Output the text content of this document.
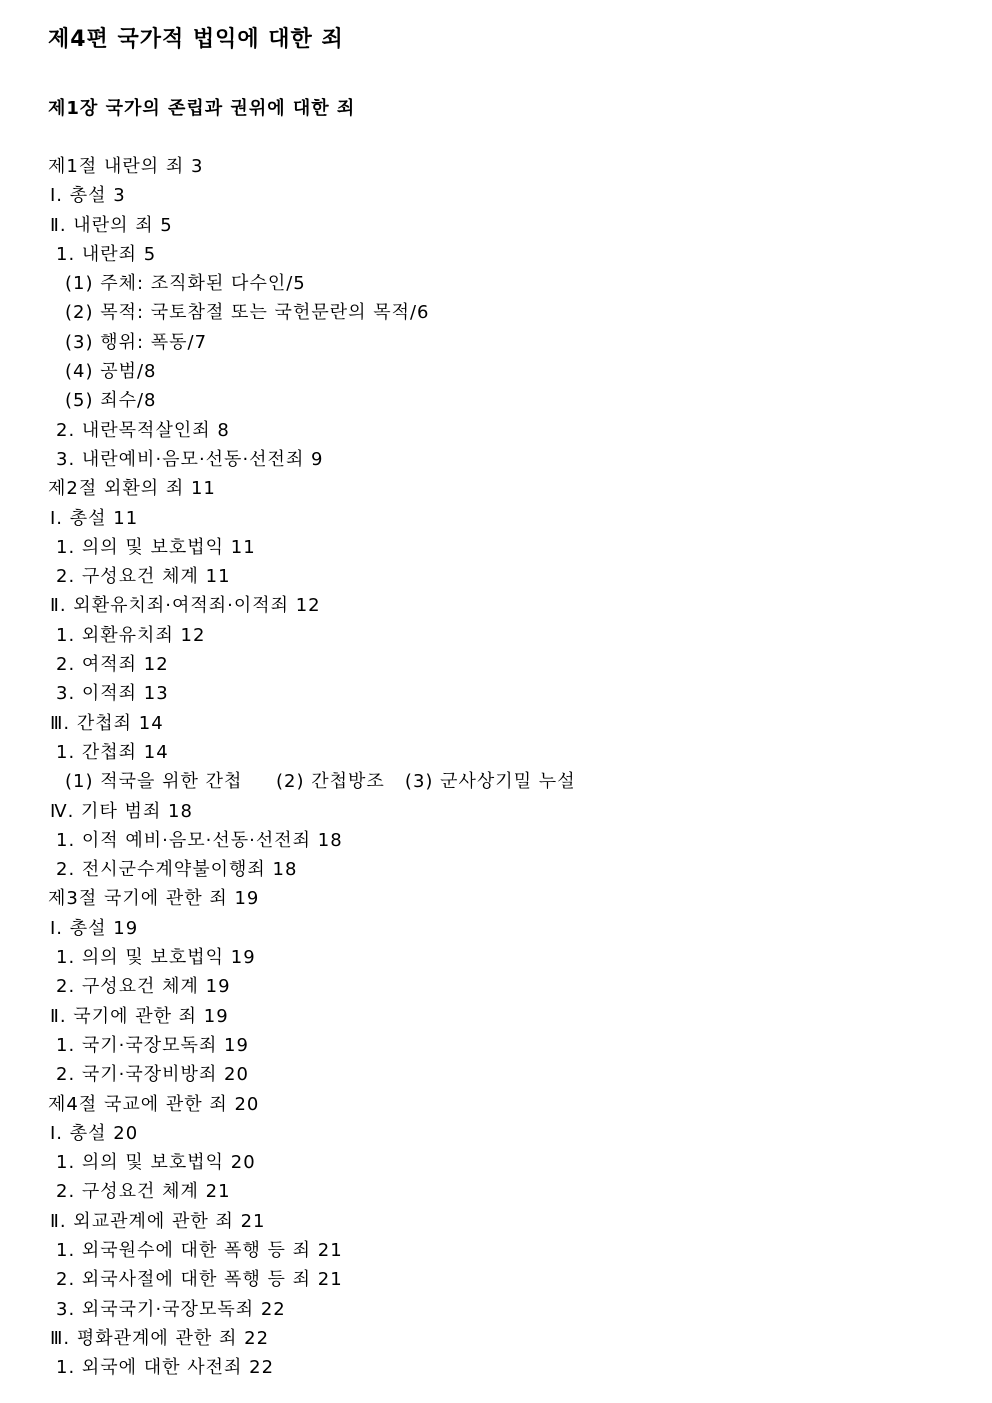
제4편 국가적 법익에 대한 죄
제1장 국가의 존립과 권위에 대한 죄
제1절 내란의 죄 3
Ⅰ. 총설 3
Ⅱ. 내란의 죄 5
1. 내란죄 5
(1) 주체: 조직화된 다수인/5
(2) 목적: 국토참절 또는 국헌문란의 목적/6
(3) 행위: 폭동/7
(4) 공범/8
(5) 죄수/8
2. 내란목적살인죄 8
3. 내란예비·음모·선동·선전죄 9
제2절 외환의 죄 11
Ⅰ. 총설 11
1. 의의 및 보호법익 11
2. 구성요건 체계 11
Ⅱ. 외환유치죄·여적죄·이적죄 12
1. 외환유치죄 12
2. 여적죄 12
3. 이적죄 13
Ⅲ. 간첩죄 14
1. 간첩죄 14
(1) 적국을 위한 간첩     (2) 간첩방조   (3) 군사상기밀 누설
Ⅳ. 기타 범죄 18
1. 이적 예비·음모·선동·선전죄 18
2. 전시군수계약불이행죄 18
제3절 국기에 관한 죄 19
Ⅰ. 총설 19
1. 의의 및 보호법익 19
2. 구성요건 체계 19
Ⅱ. 국기에 관한 죄 19
1. 국기·국장모독죄 19
2. 국기·국장비방죄 20
제4절 국교에 관한 죄 20
Ⅰ. 총설 20
1. 의의 및 보호법익 20
2. 구성요건 체계 21
Ⅱ. 외교관계에 관한 죄 21
1. 외국원수에 대한 폭행 등 죄 21
2. 외국사절에 대한 폭행 등 죄 21
3. 외국국기·국장모독죄 22
Ⅲ. 평화관계에 관한 죄 22
1. 외국에 대한 사전죄 22
